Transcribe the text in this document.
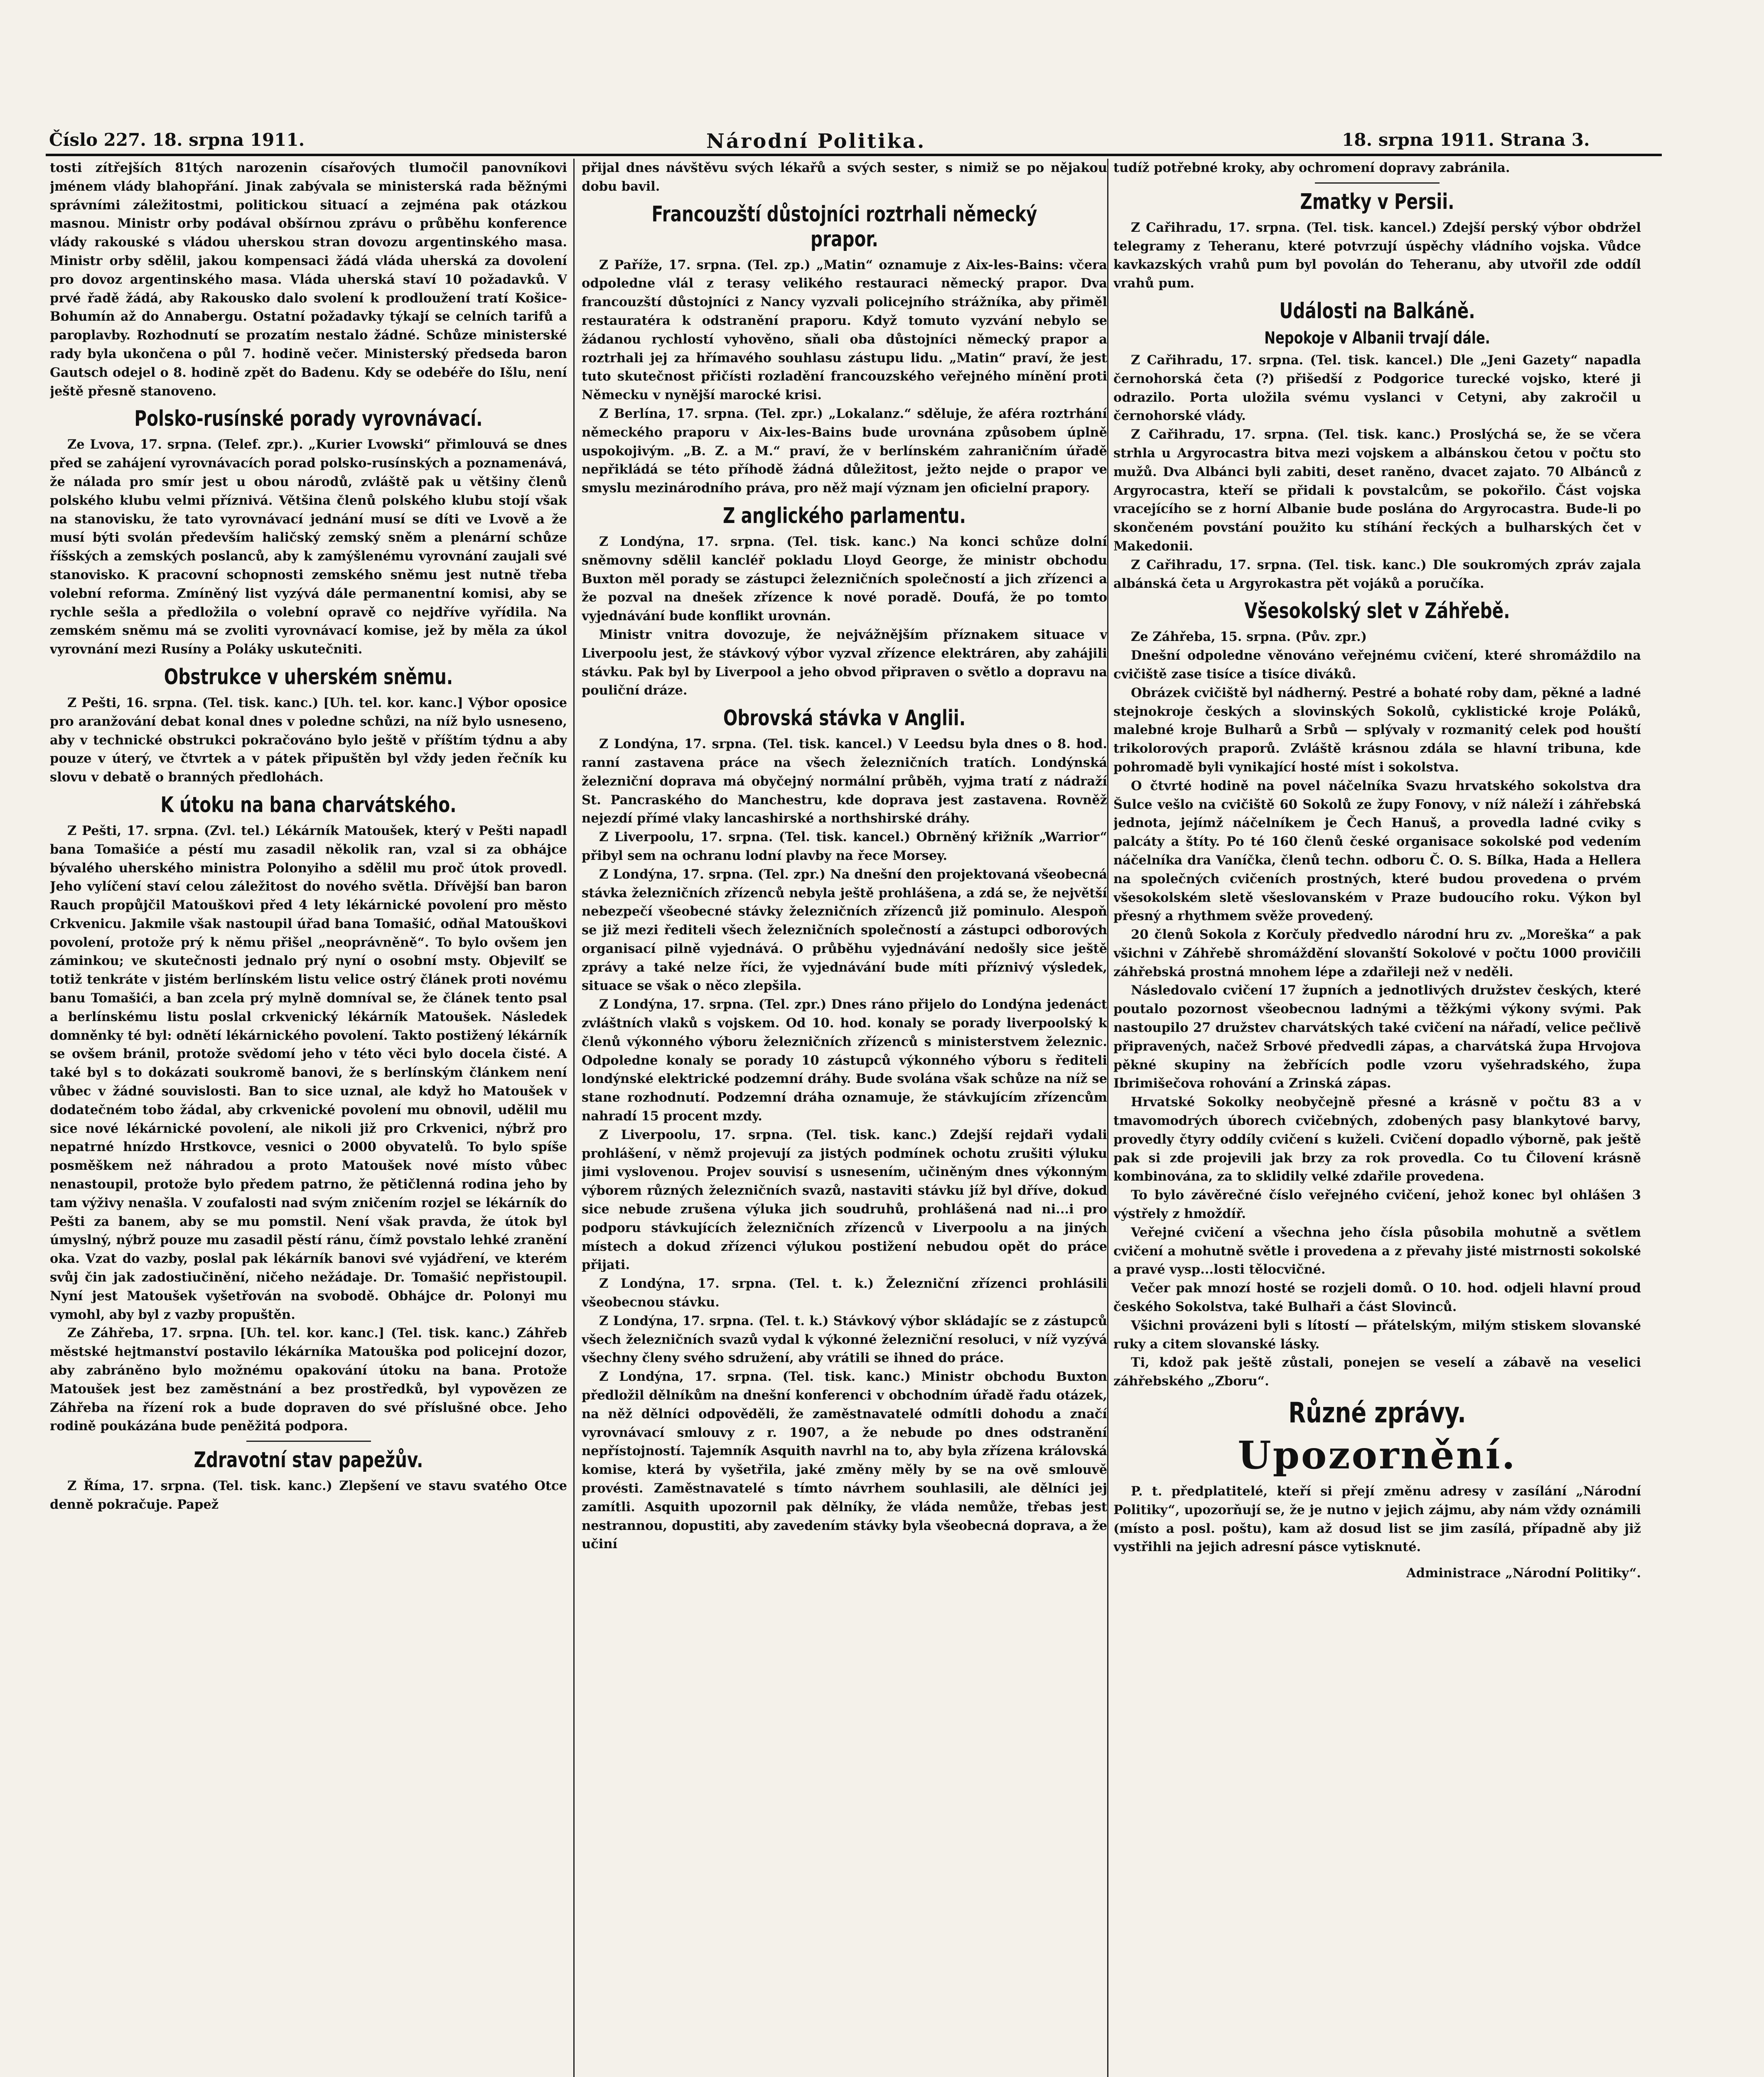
Číslo 227. 18. srpna 1911.	Národní Politika.	18. srpna 1911. Strana 3.

tosti zítřejších 81tých narozenin císařových tlumočil panovníkovi jménem vlády blahopřání. Jinak zabývala se ministerská rada běžnými správními záležitostmi, politickou situací a zejména pak otázkou masnou. Ministr orby podával obšírnou zprávu o průběhu konference vlády rakouské s vládou uherskou stran dovozu argentinského masa. Ministr orby sdělil, jakou kompensaci žádá vláda uherská za dovolení pro dovoz argentinského masa. Vláda uherská staví 10 požadavků. V prvé řadě žádá, aby Rakousko dalo svolení k prodloužení tratí Košice-Bohumín až do Annabergu. Ostatní požadavky týkají se celních tarifů a paroplavby. Rozhodnutí se prozatím nestalo žádné. Schůze ministerské rady byla ukončena o půl 7. hodině večer. Ministerský předseda baron Gautsch odejel o 8. hodině zpět do Badenu. Kdy se odebéře do Išlu, není ještě přesně stanoveno.

Polsko-rusínské porady vyrovnávací.

Ze Lvova, 17. srpna. (Telef. zpr.). „Kurier Lvowski“ přimlouvá se dnes před se zahájení vyrovnávacích porad polsko-rusínských a poznamenává, že nálada pro smír jest u obou národů, zvláště pak u většiny členů polského klubu velmi příznivá. Většina členů polského klubu stojí však na stanovisku, že tato vyrovnávací jednání musí se díti ve Lvově a že musí býti svolán především haličský zemský sněm a plenární schůze říšských a zemských poslanců, aby k zamýšlenému vyrovnání zaujali své stanovisko. K pracovní schopnosti zemského sněmu jest nutně třeba volební reforma. Zmíněný list vyzývá dále permanentní komisi, aby se rychle sešla a předložila o volební opravě co nejdříve vyřídila. Na zemském sněmu má se zvoliti vyrovnávací komise, jež by měla za úkol vyrovnání mezi Rusíny a Poláky uskutečniti.

Obstrukce v uherském sněmu.

Z Pešti, 16. srpna. (Tel. tisk. kanc.) [Uh. tel. kor. kanc.] Výbor oposice pro aranžování debat konal dnes v poledne schůzi, na níž bylo usneseno, aby v technické obstrukci pokračováno bylo ještě v příštím týdnu a aby pouze v úterý, ve čtvrtek a v pátek připuštěn byl vždy jeden řečník ku slovu v debatě o branných předlohách.

K útoku na bana charvátského.

Z Pešti, 17. srpna. (Zvl. tel.) Lékárník Matoušek, který v Pešti napadl bana Tomašiće a péstí mu zasadil několik ran, vzal si za obhájce bývalého uherského ministra Polonyiho a sdělil mu proč útok provedl. Jeho vylíčení staví celou záležitost do nového světla. Dřívější ban baron Rauch propůjčil Matouškovi před 4 lety lékárnické povolení pro město Crkvenicu. Jakmile však nastoupil úřad bana Tomašić, odňal Matouškovi povolení, protože prý k němu přišel „neoprávněně“. To bylo ovšem jen záminkou; ve skutečnosti jednalo prý nyní o osobní msty. Objevilť se totiž tenkráte v jistém berlínském listu velice ostrý článek proti novému banu Tomašići, a ban zcela prý mylně domníval se, že článek tento psal a berlínskému listu poslal crkvenický lékárník Matoušek. Následek domněnky té byl: odnětí lékárnického povolení. Takto postižený lékárník se ovšem bránil, protože svědomí jeho v této věci bylo docela čisté. A také byl s to dokázati soukromě banovi, že s berlínským článkem není vůbec v žádné souvislosti. Ban to sice uznal, ale když ho Matoušek v dodatečném tobo žádal, aby crkvenické povolení mu obnovil, udělil mu sice nové lékárnické povolení, ale nikoli již pro Crkvenici, nýbrž pro nepatrné hnízdo Hrstkovce, vesnici o 2000 obyvatelů. To bylo spíše posměškem než náhradou a proto Matoušek nové místo vůbec nenastoupil, protože bylo předem patrno, že pětičlenná rodina jeho by tam výživy nenašla. V zoufalosti nad svým zničením rozjel se lékárník do Pešti za banem, aby se mu pomstil. Není však pravda, že útok byl úmyslný, nýbrž pouze mu zasadil pěstí ránu, čímž povstalo lehké zranění oka. Vzat do vazby, poslal pak lékárník banovi své vyjádření, ve kterém svůj čin jak zadostiučinění, ničeho nežádaje. Dr. Tomašić nepřistoupil. Nyní jest Matoušek vyšetřován na svobodě. Obhájce dr. Polonyi mu vymohl, aby byl z vazby propuštěn.

Ze Záhřeba, 17. srpna. [Uh. tel. kor. kanc.] (Tel. tisk. kanc.) Záhřeb městské hejtmanství postavilo lékárníka Matouška pod policejní dozor, aby zabráněno bylo možnému opakování útoku na bana. Protože Matoušek jest bez zaměstnání a bez prostředků, byl vypovězen ze Záhřeba na řízení rok a bude dopraven do své příslušné obce. Jeho rodině poukázána bude peněžitá podpora.

Zdravotní stav papežův.

Z Říma, 17. srpna. (Tel. tisk. kanc.) Zlepšení ve stavu svatého Otce denně pokračuje. Papež

přijal dnes návštěvu svých lékařů a svých sester, s nimiž se po nějakou dobu bavil.

Francouzští důstojníci roztrhali německý prapor.

Z Paříže, 17. srpna. (Tel. zp.) „Matin“ oznamuje z Aix-les-Bains: včera odpoledne vlál z terasy velikého restauraci německý prapor. Dva francouzští důstojníci z Nancy vyzvali policejního strážníka, aby přiměl restauratéra k odstranění praporu. Když tomuto vyzvání nebylo se žádanou rychlostí vyhověno, sňali oba důstojníci německý prapor a roztrhali jej za hřímavého souhlasu zástupu lidu. „Matin“ praví, že jest tuto skutečnost přičísti rozladění francouzského veřejného mínění proti Německu v nynější marocké krisi.

Z Berlína, 17. srpna. (Tel. zpr.) „Lokalanz.“ sděluje, že aféra roztrhání německého praporu v Aix-les-Bains bude urovnána způsobem úplně uspokojivým. „B. Z. a M.“ praví, že v berlínském zahraničním úřadě nepřikládá se této příhodě žádná důležitost, ježto nejde o prapor ve smyslu mezinárodního práva, pro něž mají význam jen oficielní prapory.

Z anglického parlamentu.

Z Londýna, 17. srpna. (Tel. tisk. kanc.) Na konci schůze dolní sněmovny sdělil kancléř pokladu Lloyd George, že ministr obchodu Buxton měl porady se zástupci železničních společností a jich zřízenci a že pozval na dnešek zřízence k nové poradě. Doufá, že po tomto vyjednávání bude konflikt urovnán.

Ministr vnitra dovozuje, že nejvážnějším příznakem situace v Liverpoolu jest, že stávkový výbor vyzval zřízence elektráren, aby zahájili stávku. Pak byl by Liverpool a jeho obvod připraven o světlo a dopravu na pouliční dráze.

Obrovská stávka v Anglii.

Z Londýna, 17. srpna. (Tel. tisk. kancel.) V Leedsu byla dnes o 8. hod. ranní zastavena práce na všech železničních tratích. Londýnská železniční doprava má obyčejný normální průběh, vyjma tratí z nádraží St. Pancraského do Manchestru, kde doprava jest zastavena. Rovněž nejezdí přímé vlaky lancashirské a northshirské dráhy.

Z Liverpoolu, 17. srpna. (Tel. tisk. kancel.) Obrněný křižník „Warrior“ přibyl sem na ochranu lodní plavby na řece Morsey.

Z Londýna, 17. srpna. (Tel. zpr.) Na dnešní den projektovaná všeobecná stávka železničních zřízenců nebyla ještě prohlášena, a zdá se, že největší nebezpečí všeobecné stávky železničních zřízenců již pominulo. Alespoň se již mezi řediteli všech železničních společností a zástupci odborových organisací pilně vyjednává. O průběhu vyjednávání nedošly sice ještě zprávy a také nelze říci, že vyjednávání bude míti příznivý výsledek, situace se však o něco zlepšila.

Z Londýna, 17. srpna. (Tel. zpr.) Dnes ráno přijelo do Londýna jedenáct zvláštních vlaků s vojskem. Od 10. hod. konaly se porady liverpoolský k členů výkonného výboru železničních zřízenců s ministerstvem železnic. Odpoledne konaly se porady 10 zástupců výkonného výboru s řediteli londýnské elektrické podzemní dráhy. Bude svolána však schůze na níž se stane rozhodnutí. Podzemní dráha oznamuje, že stávkujícím zřízencům nahradí 15 procent mzdy.

Z Liverpoolu, 17. srpna. (Tel. tisk. kanc.) Zdejší rejdaři vydali prohlášení, v němž projevují za jistých podmínek ochotu zrušiti výluku jimi vyslovenou. Projev souvisí s usnesením, učiněným dnes výkonným výborem různých železničních svazů, nastaviti stávku jíž byl dříve, dokud sice nebude zrušena výluka jich soudruhů, prohlášená nad ni...i pro podporu stávkujících železničních zřízenců v Liverpoolu a na jiných místech a dokud zřízenci výlukou postižení nebudou opět do práce přijati.

Z Londýna, 17. srpna. (Tel. t. k.) Železniční zřízenci prohlásili všeobecnou stávku.

Z Londýna, 17. srpna. (Tel. t. k.) Stávkový výbor skládajíc se z zástupců všech železničních svazů vydal k výkonné železniční resoluci, v níž vyzývá všechny členy svého sdružení, aby vrátili se ihned do práce.

Z Londýna, 17. srpna. (Tel. tisk. kanc.) Ministr obchodu Buxton předložil dělníkům na dnešní konferenci v obchodním úřadě řadu otázek, na něž dělníci odpověděli, že zaměstnavatelé odmítli dohodu a značí vyrovnávací smlouvy z r. 1907, a že nebude po dnes odstranění nepřístojností. Tajemník Asquith navrhl na to, aby byla zřízena královská komise, která by vyšetřila, jaké změny měly by se na ově smlouvě provésti. Zaměstnavatelé s tímto návrhem souhlasili, ale dělníci jej zamítli. Asquith upozornil pak dělníky, že vláda nemůže, třebas jest nestrannou, dopustiti, aby zavedením stávky byla všeobecná doprava, a že učiní

tudíž potřebné kroky, aby ochromení dopravy zabránila.

Zmatky v Persii.

Z Cařihradu, 17. srpna. (Tel. tisk. kancel.) Zdejší perský výbor obdržel telegramy z Teheranu, které potvrzují úspěchy vládního vojska. Vůdce kavkazských vrahů pum byl povolán do Teheranu, aby utvořil zde oddíl vrahů pum.

Události na Balkáně.
Nepokoje v Albanii trvají dále.

Z Cařihradu, 17. srpna. (Tel. tisk. kancel.) Dle „Jeni Gazety“ napadla černohorská četa (?) přišedší z Podgorice turecké vojsko, které ji odrazilo. Porta uložila svému vyslanci v Cetyni, aby zakročil u černohorské vlády.

Z Cařihradu, 17. srpna. (Tel. tisk. kanc.) Proslýchá se, že se včera strhla u Argyrocastra bitva mezi vojskem a albánskou četou v počtu sto mužů. Dva Albánci byli zabiti, deset raněno, dvacet zajato. 70 Albánců z Argyrocastra, kteří se přidali k povstalcům, se pokořilo. Část vojska vracejícího se z horní Albanie bude poslána do Argyrocastra. Bude-li po skončeném povstání použito ku stíhání řeckých a bulharských čet v Makedonii.

Z Cařihradu, 17. srpna. (Tel. tisk. kanc.) Dle soukromých zpráv zajala albánská četa u Argyrokastra pět vojáků a poručíka.

Všesokolský slet v Záhřebě.

Ze Záhřeba, 15. srpna. (Pův. zpr.)

Dnešní odpoledne věnováno veřejnému cvičení, které shromáždilo na cvičiště zase tisíce a tisíce diváků.

Obrázek cvičiště byl nádherný. Pestré a bohaté roby dam, pěkné a ladné stejnokroje českých a slovinských Sokolů, cyklistické kroje Poláků, malebné kroje Bulharů a Srbů — splývaly v rozmanitý celek pod houští trikolorových praporů. Zvláště krásnou zdála se hlavní tribuna, kde pohromadě byli vynikající hosté míst i sokolstva.

O čtvrté hodině na povel náčelníka Svazu hrvatského sokolstva dra Šulce vešlo na cvičiště 60 Sokolů ze župy Fonovy, v níž náleží i záhřebská jednota, jejímž náčelníkem je Čech Hanuš, a provedla ladné cviky s palcáty a štíty. Po té 160 členů české organisace sokolské pod vedením náčelníka dra Vaníčka, členů techn. odboru Č. O. S. Bílka, Hada a Hellera na společných cvičeních prostných, které budou provedena o prvém všesokolském sletě všeslovanském v Praze budoucího roku. Výkon byl přesný a rhythmem svěže provedený.

20 členů Sokola z Korčuly předvedlo národní hru zv. „Moreška“ a pak všichni v Záhřebě shromáždění slovanští Sokolové v počtu 1000 provičili záhřebská prostná mnohem lépe a zdařileji než v neděli.

Následovalo cvičení 17 župních a jednotlivých družstev českých, které poutalo pozornost všeobecnou ladnými a těžkými výkony svými. Pak nastoupilo 27 družstev charvátských také cvičení na nářadí, velice pečlivě připravených, načež Srbové předvedli zápas, a charvátská župa Hrvojova pěkné skupiny na žebřících podle vzoru vyšehradského, župa Ibrimišečova rohování a Zrinská zápas.

Hrvatské Sokolky neobyčejně přesné a krásně v počtu 83 a v tmavomodrých úborech cvičebných, zdobených pasy blankytové barvy, provedly čtyry oddíly cvičení s kuželi. Cvičení dopadlo výborně, pak ještě pak si zde projevili jak brzy za rok provedla. Co tu Čilovení krásně kombinována, za to sklidily velké zdařile provedena.

To bylo závěrečné číslo veřejného cvičení, jehož konec byl ohlášen 3 výstřely z hmoždíř.

Veřejné cvičení a všechna jeho čísla působila mohutně a světlem cvičení a mohutně světle i provedena a z převahy jisté mistrnosti sokolské a pravé vysp...losti tělocvičné.

Večer pak mnozí hosté se rozjeli domů. O 10. hod. odjeli hlavní proud českého Sokolstva, také Bulhaři a část Slovinců.

Všichni provázeni byli s lítostí — přátelským, milým stiskem slovanské ruky a citem slovanské lásky.

Ti, kdož pak ještě zůstali, ponejen se veselí a zábavě na veselici záhřebského „Zboru“.

Různé zprávy.
Upozornění.

P. t. předplatitelé, kteří si přejí změnu adresy v zasílání „Národní Politiky“, upozorňují se, že je nutno v jejich zájmu, aby nám vždy oznámili (místo a posl. poštu), kam až dosud list se jim zasílá, případně aby již vystřihli na jejich adresní pásce vytisknuté.

Administrace „Národní Politiky“.
